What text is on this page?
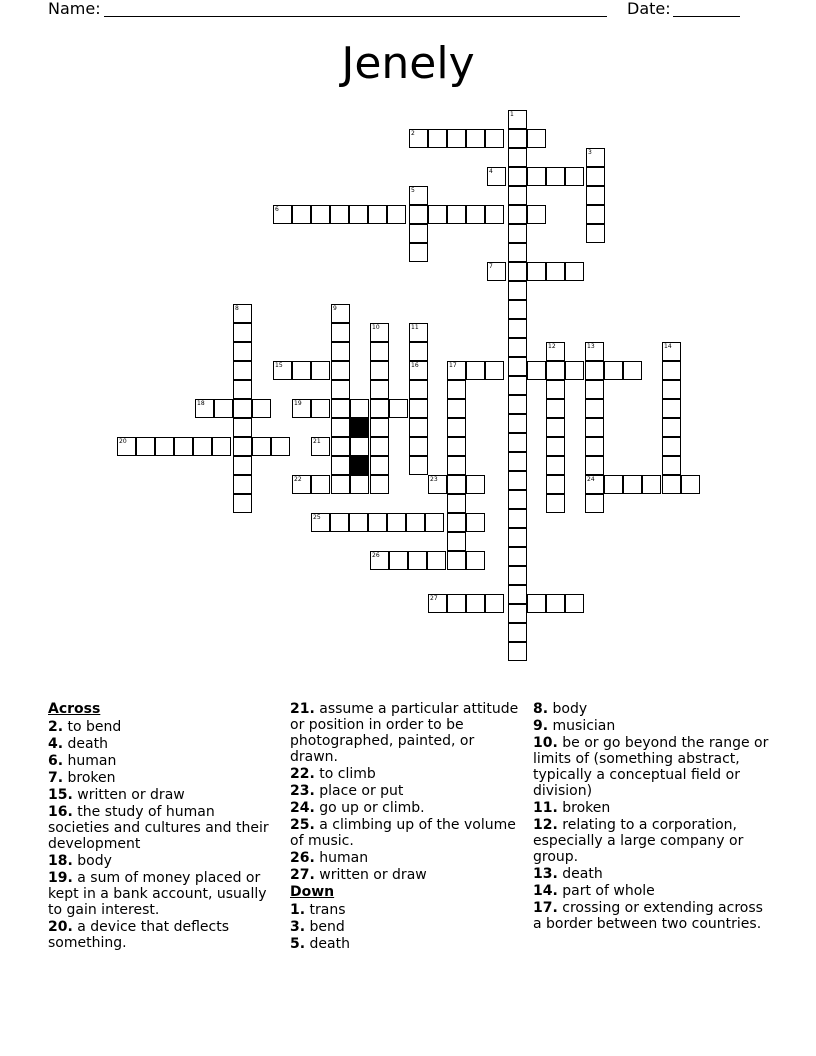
Name:	Date:
Jenely
1
2
3
4
5
6
7
8	9
10	11
16
12	13	14
15	17
18	19
20	21
22	23	24
25
26
27
Across
2. to bend
4. death
6. human
7. broken
15. written or draw
16. the study of human societies and cultures and their development
18. body
19. a sum of money placed or kept in a bank account, usually to gain interest.
20. a device that deflects something.
21. assume a particular attitude or position in order to be photographed, painted, or drawn.
22. to climb
23. place or put
24. go up or climb.
25. a climbing up of the volume of music.
26. human
27. written or draw
Down
1. trans
3. bend
5. death
8. body
9. musician
10. be or go beyond the range or limits of (something abstract, typically a conceptual field or division)
11. broken
12. relating to a corporation, especially a large company or group.
13. death
14. part of whole
17. crossing or extending across a border between two countries.
